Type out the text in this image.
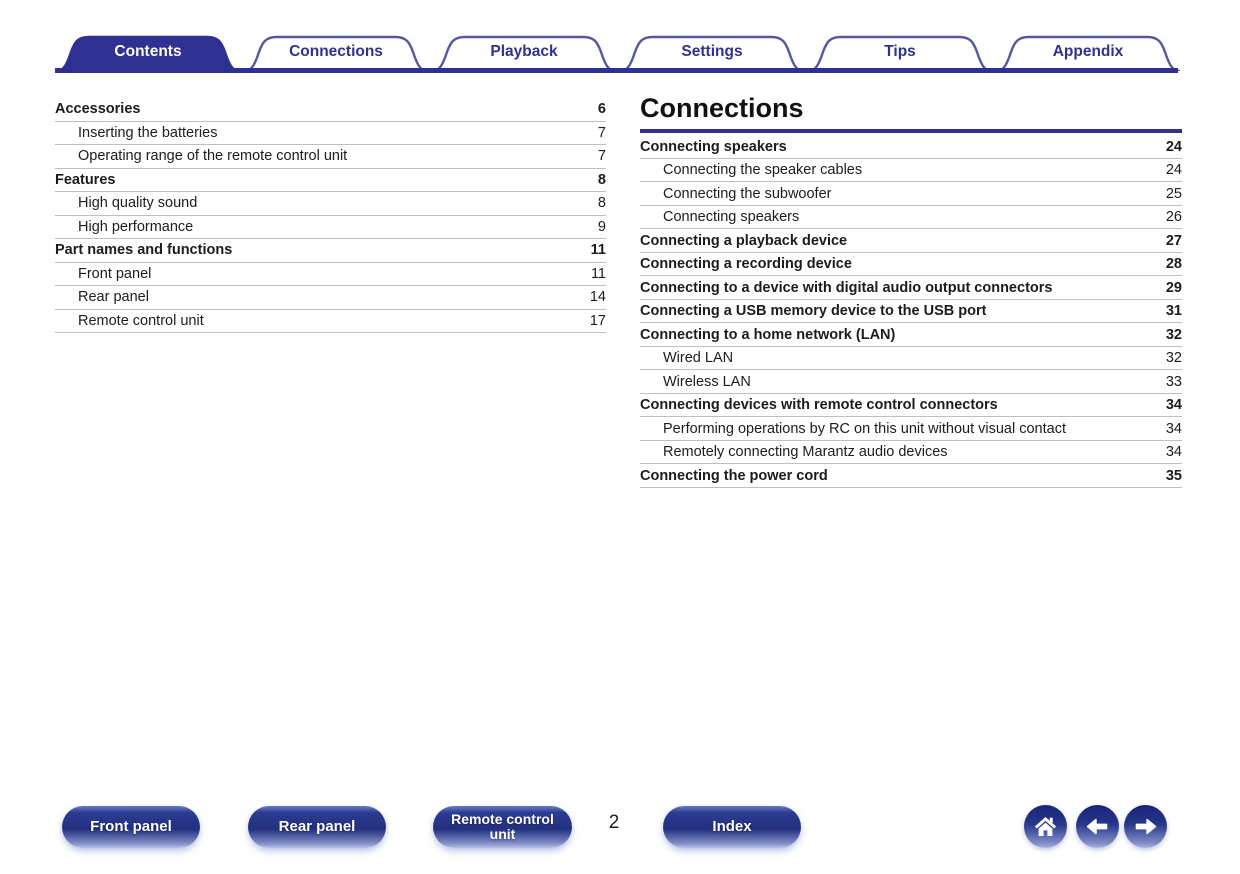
Contents	Connections	Playback	Settings	Tips	Appendix
Accessories	6
Inserting the batteries	7
Operating range of the remote control unit	7
Features	8
High quality sound	8
High performance	9
Part names and functions	11
Front panel	11
Rear panel	14
Remote control unit	17
Connections
Connecting speakers	24
Connecting the speaker cables	24
Connecting the subwoofer	25
Connecting speakers	26
Connecting a playback device	27
Connecting a recording device	28
Connecting to a device with digital audio output connectors	29
Connecting a USB memory device to the USB port	31
Connecting to a home network (LAN)	32
Wired LAN	32
Wireless LAN	33
Connecting devices with remote control connectors	34
Performing operations by RC on this unit without visual contact	34
Remotely connecting Marantz audio devices	34
Connecting the power cord	35
Front panel	Rear panel	Remote control unit
2	Index
